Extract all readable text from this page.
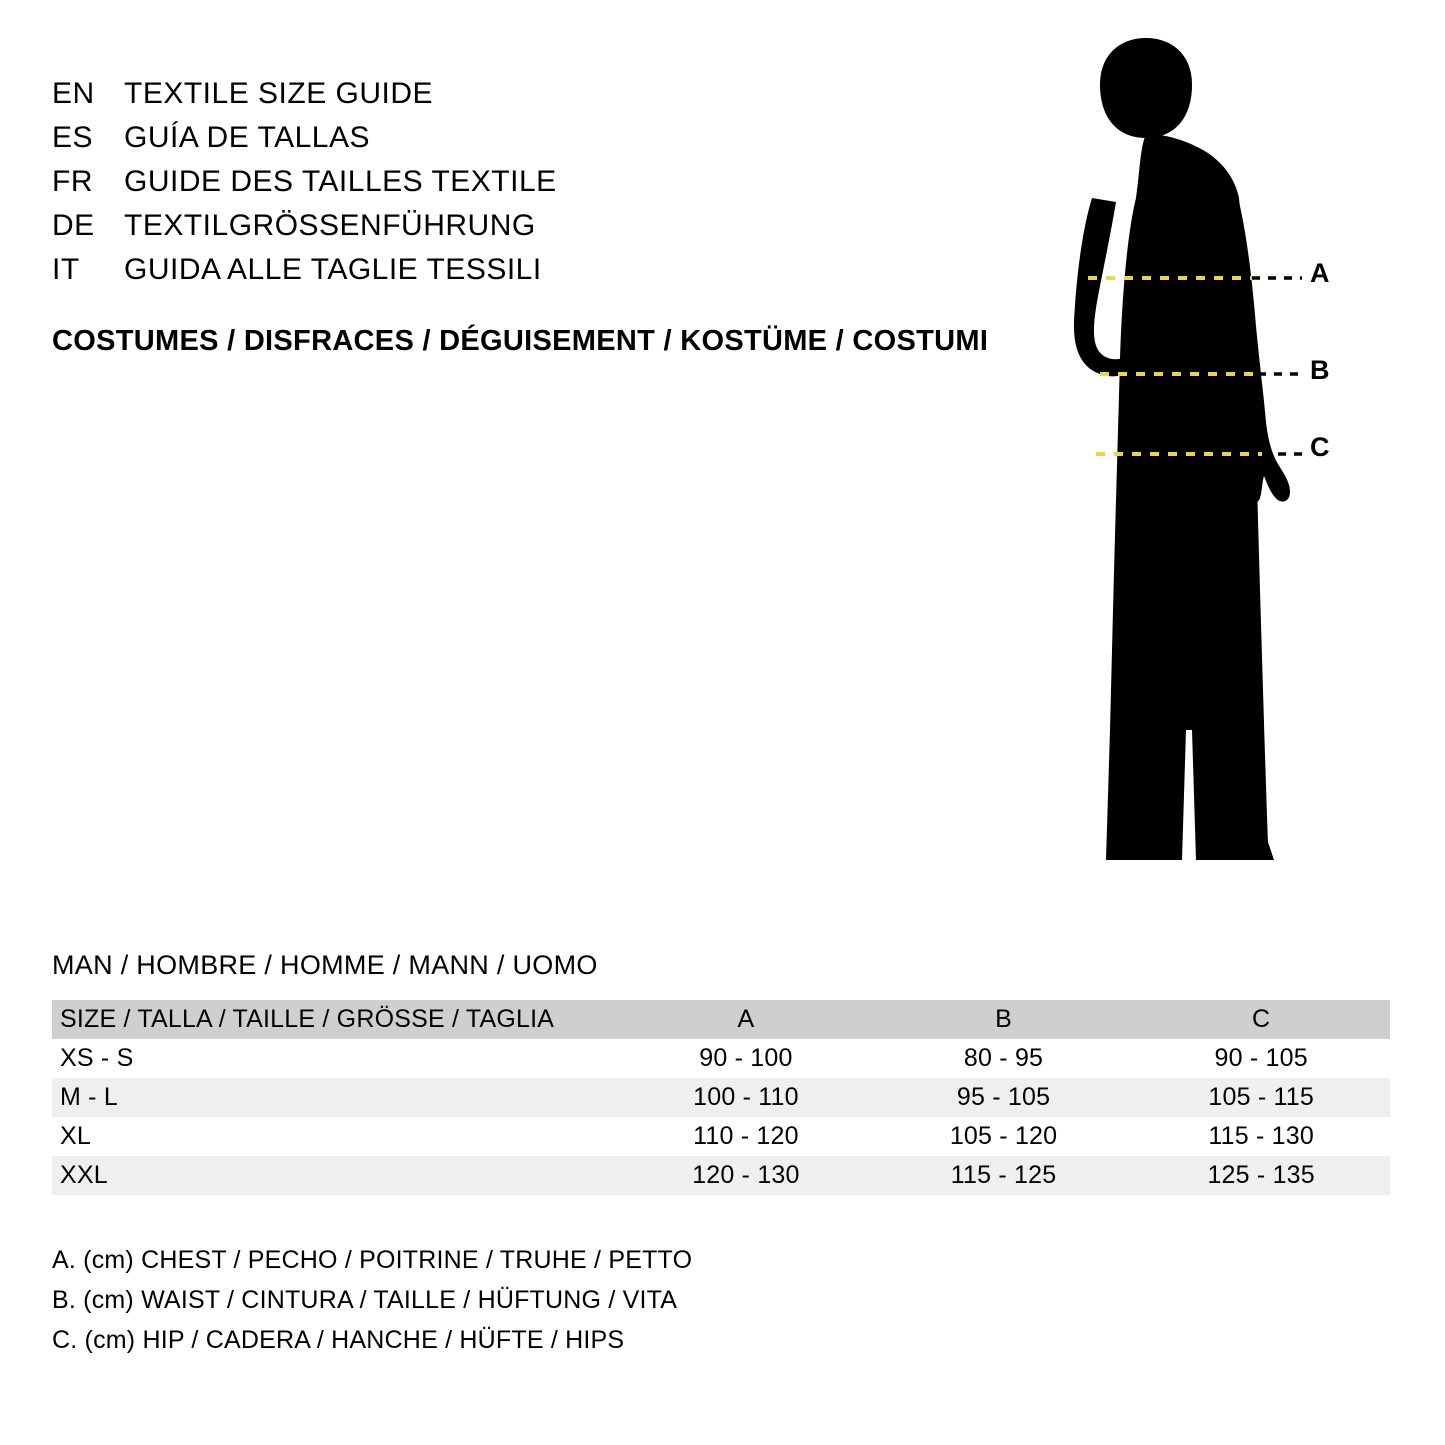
EN TEXTILE SIZE GUIDE
ES	GUÍA DE TALLAS
FR	GUIDE DES TAILLES TEXTILE
DE TEXTILGRÖSSENFÜHRUNG
IT	GUIDA ALLE TAGLIE TESSILI
COSTUMES / DISFRACES / DÉGUISEMENT / KOSTÜME / COSTUMI
A
B
C
MAN / HOMBRE / HOMME / MANN / UOMO
SIZE / TALLA / TAILLE / GRÖSSE / TAGLIA	A	B	C
XS - S	90 - 100	80 - 95	90 - 105
M - L	100 - 110	95 - 105	105 - 115
XL	110 - 120	105 - 120	115 - 130
XXL	120 - 130	115 - 125	125 - 135
A. (cm) CHEST / PECHO / POITRINE / TRUHE / PETTO
B. (cm) WAIST / CINTURA / TAILLE / HÜFTUNG / VITA
C. (cm) HIP / CADERA / HANCHE / HÜFTE / HIPS
